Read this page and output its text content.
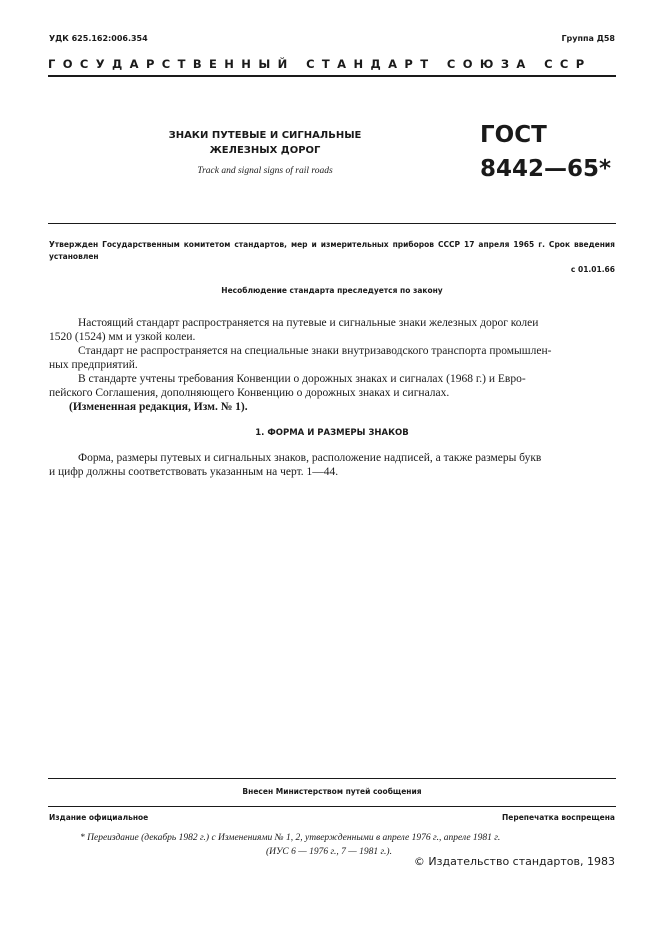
УДК 625.162:006.354	Группа Д58
ГОСУДАРСТВЕННЫЙ СТАНДАРТ СОЮЗА ССР
ЗНАКИ ПУТЕВЫЕ И СИГНАЛЬНЫЕ
ЖЕЛЕЗНЫХ ДОРОГ
Track and signal signs of rail roads
ГОСТ
8442—65*
Утвержден Государственным комитетом стандартов, мер и измерительных приборов СССР 17 апреля 1965 г. Срок введения установлен
с 01.01.66
Несоблюдение стандарта преследуется по закону
Настоящий стандарт распространяется на путевые и сигнальные знаки железных дорог колеи
1520 (1524) мм и узкой колеи.
Стандарт не распространяется на специальные знаки внутризаводского транспорта промышлен-
ных предприятий.
В стандарте учтены требования Конвенции о дорожных знаках и сигналах (1968 г.) и Евро-
пейского Соглашения, дополняющего Конвенцию о дорожных знаках и сигналах.
(Измененная редакция, Изм. № 1).
1. ФОРМА И РАЗМЕРЫ ЗНАКОВ
Форма, размеры путевых и сигнальных знаков, расположение надписей, а также размеры букв
и цифр должны соответствовать указанным на черт. 1—44.
Внесен Министерством путей сообщения
Издание официальное	Перепечатка воспрещена
* Переиздание (декабрь 1982 г.) с Изменениями № 1, 2, утвержденными в апреле 1976 г., апреле 1981 г.
(ИУС 6 — 1976 г., 7 — 1981 г.).
© Издательство стандартов, 1983
